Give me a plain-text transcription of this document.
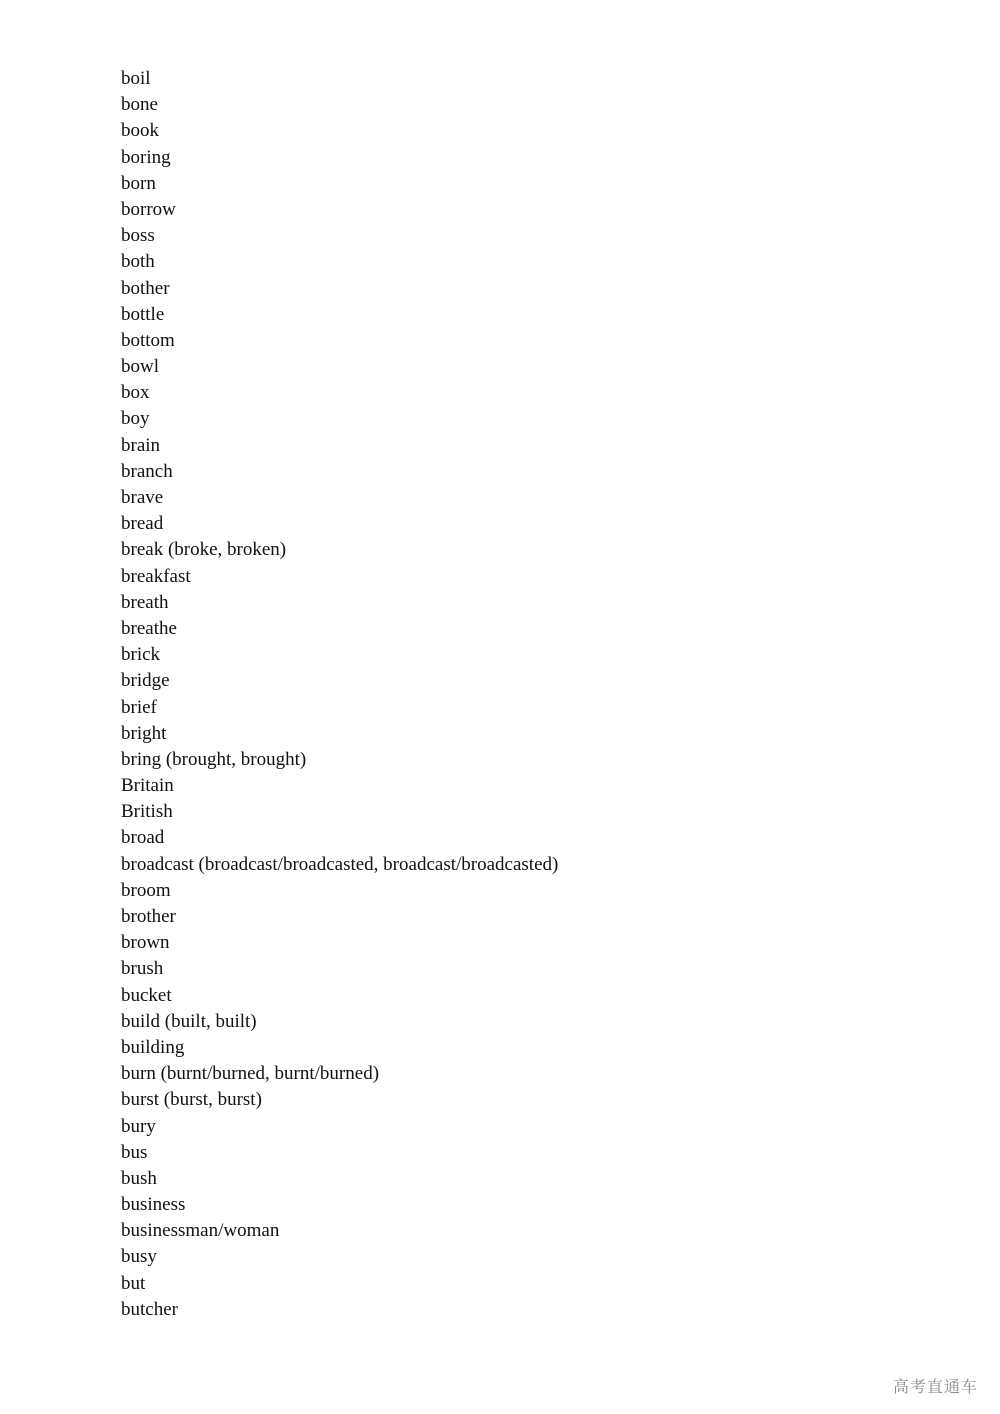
boil
bone
book
boring
born
borrow
boss
both
bother
bottle
bottom
bowl
box
boy
brain
branch
brave
bread
break (broke, broken)
breakfast
breath
breathe
brick
bridge
brief
bright
bring (brought, brought)
Britain
British
broad
broadcast (broadcast/broadcasted, broadcast/broadcasted)
broom
brother
brown
brush
bucket
build (built, built)
building
burn (burnt/burned, burnt/burned)
burst (burst, burst)
bury
bus
bush
business
businessman/woman
busy
but
butcher
高考直通车
